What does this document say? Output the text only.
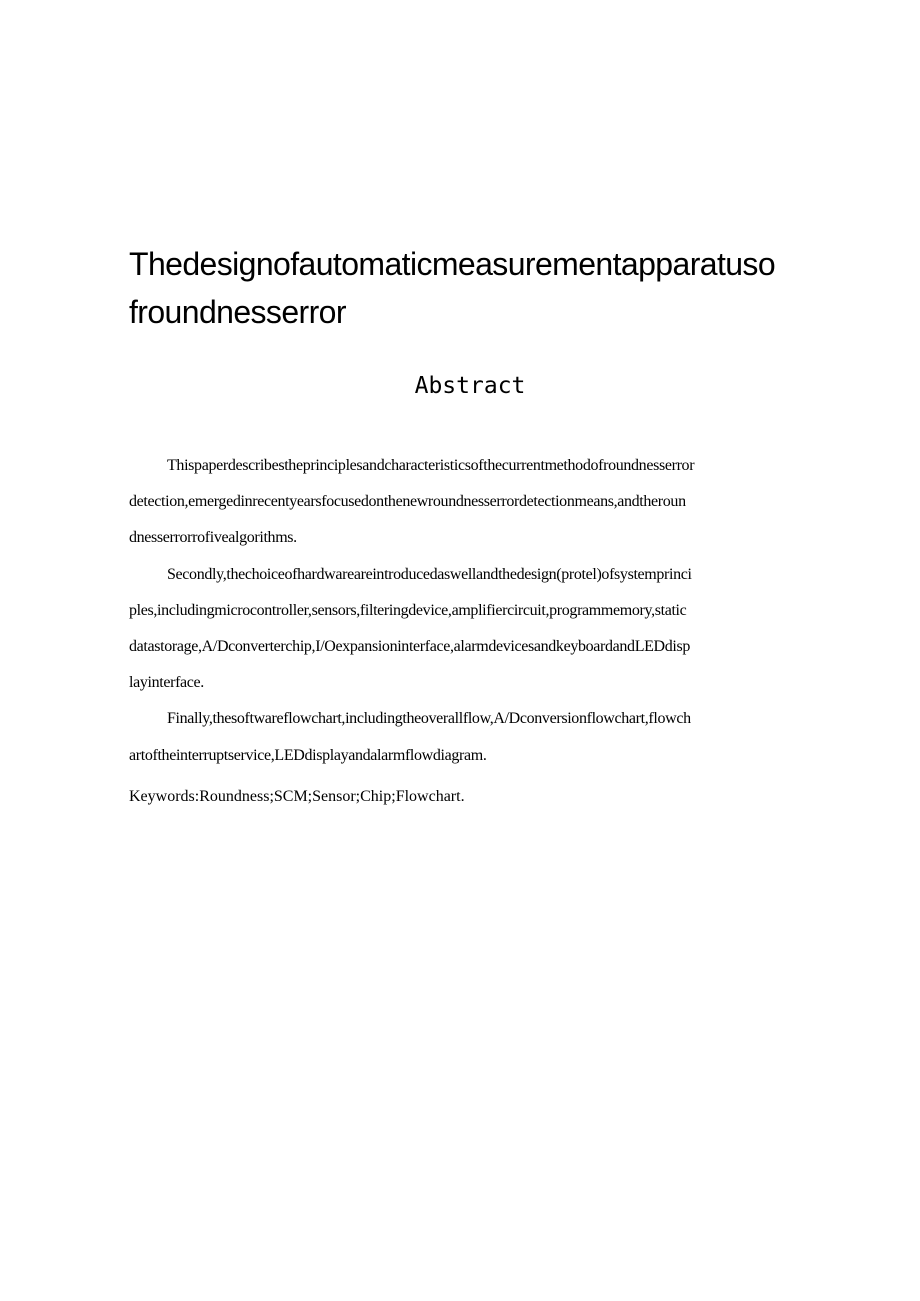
Thedesignofautomaticmeasurementapparatuso
froundnesserror
Abstract
Thispaperdescribestheprinciplesandcharacteristicsofthecurrentmethodofroundnesserror
detection,emergedinrecentyearsfocusedonthenewroundnesserrordetectionmeans,andtheroun
dnesserrorrofivealgorithms.
Secondly,thechoiceofhardwareareintroducedaswellandthedesign(protel)ofsystemprinci
ples,includingmicrocontroller,sensors,filteringdevice,amplifiercircuit,programmemory,static
datastorage,A/Dconverterchip,I/Oexpansioninterface,alarmdevicesandkeyboardandLEDdisp
layinterface.
Finally,thesoftwareflowchart,includingtheoverallflow,A/Dconversionflowchart,flowch
artoftheinterruptservice,LEDdisplayandalarmflowdiagram.
Keywords:Roundness;SCM;Sensor;Chip;Flowchart.
